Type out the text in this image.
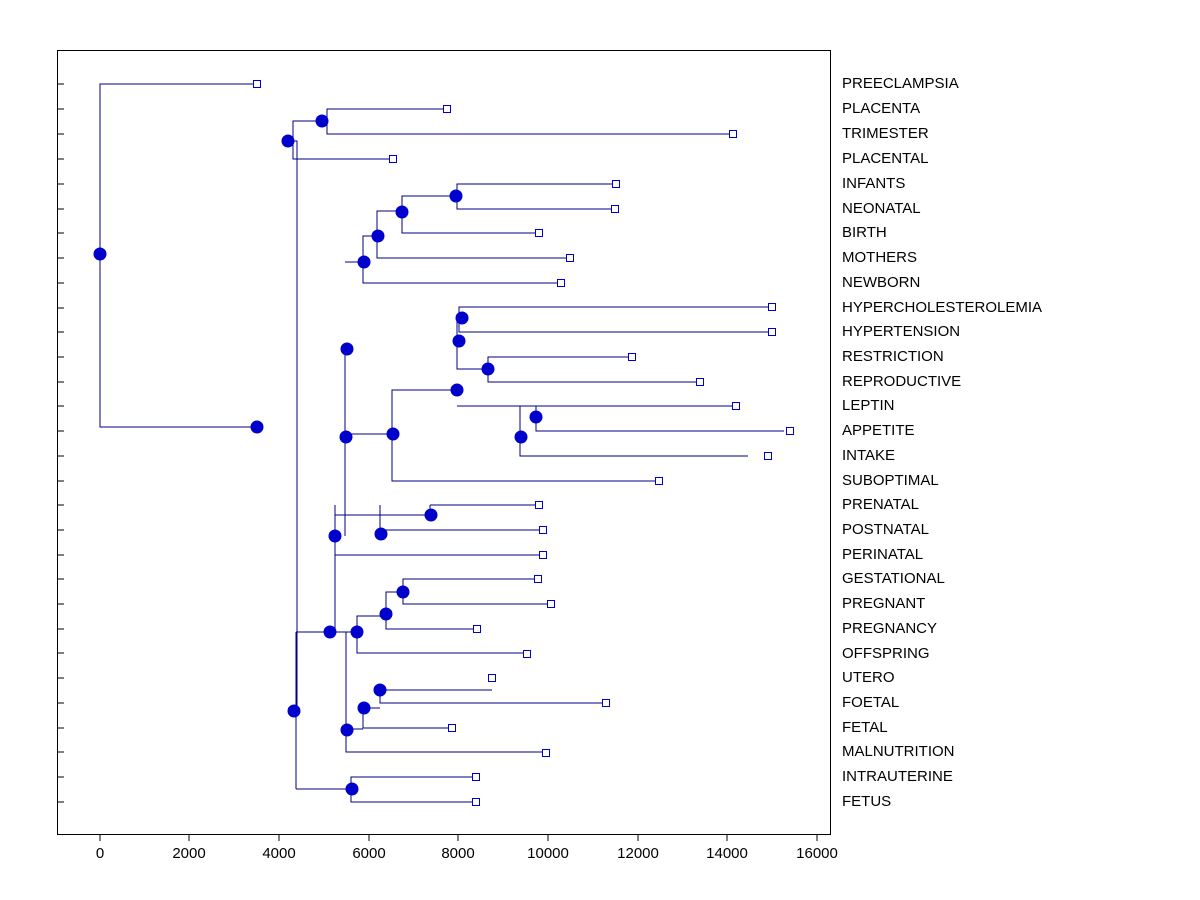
PREECLAMPSIA
PLACENTA
TRIMESTER
PLACENTAL
INFANTS
NEONATAL
BIRTH
MOTHERS
NEWBORN
HYPERCHOLESTEROLEMIA
HYPERTENSION
RESTRICTION
REPRODUCTIVE
LEPTIN
APPETITE
INTAKE
SUBOPTIMAL
PRENATAL
POSTNATAL
PERINATAL
GESTATIONAL
PREGNANT
PREGNANCY
OFFSPRING
UTERO
FOETAL
FETAL
MALNUTRITION
INTRAUTERINE
FETUS
0	2000	4000	6000	8000	10000	12000	14000	16000
